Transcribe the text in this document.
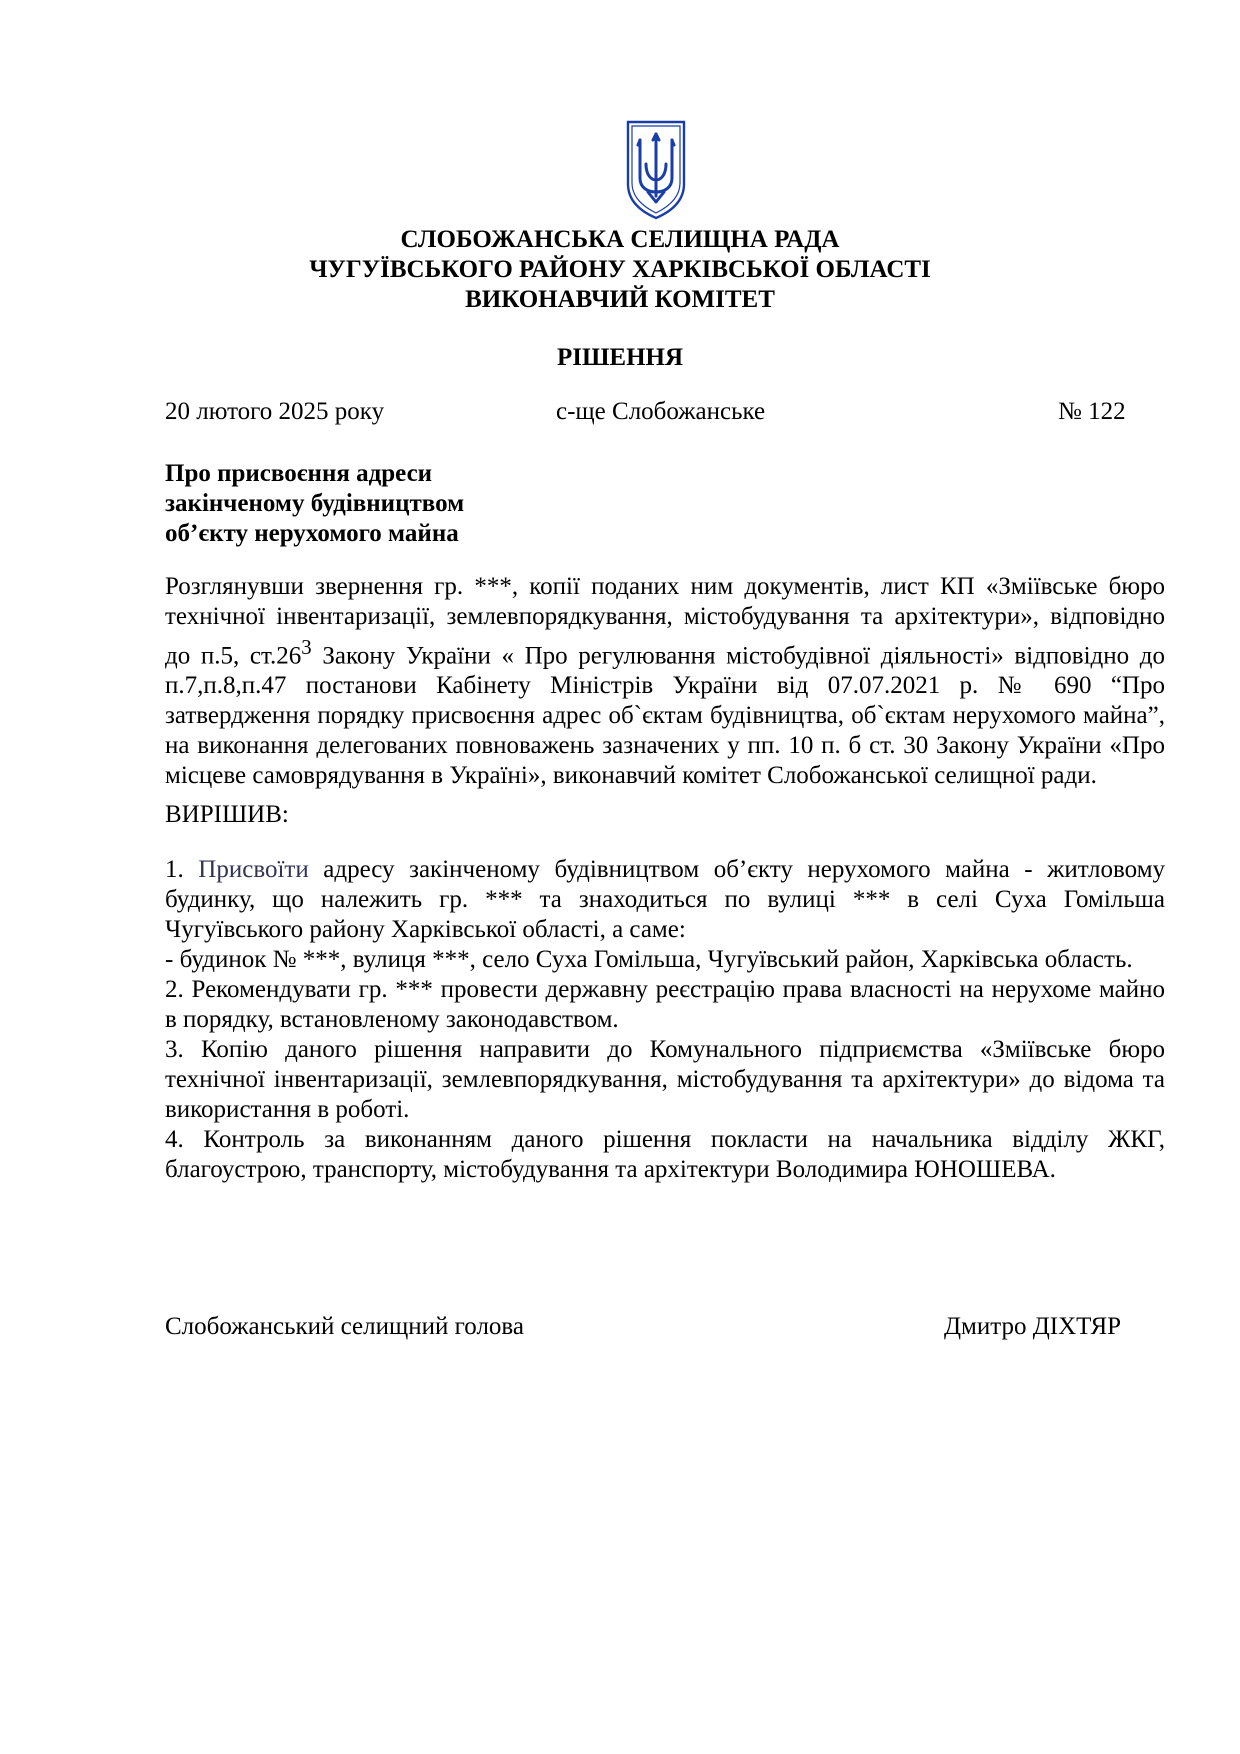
СЛОБОЖАНСЬКА СЕЛИЩНА РАДА
ЧУГУЇВСЬКОГО РАЙОНУ ХАРКІВСЬКОЇ ОБЛАСТІ
ВИКОНАВЧИЙ КОМІТЕТ
РІШЕННЯ
20 лютого 2025 року	с-ще Слобожанське	№ 122
Про присвоєння адреси
закінченому будівництвом
об’єкту нерухомого майна
Розглянувши звернення гр. ***, копії поданих ним документів, лист КП «Зміївське бюро технічної інвентаризації, землевпорядкування, містобудування та архітектури», відповідно до п.5, $ст.26^3$ Закону України « Про регулювання містобудівної діяльності» відповідно до п.7,п.8,п.47 постанови Кабінету Міністрів України від 07.07.2021 р. № 690 “Про затвердження порядку присвоєння адрес об`єктам будівництва, об`єктам нерухомого майна”, на виконання делегованих повноважень зазначених у пп. 10 п. б ст. 30 Закону України «Про місцеве самоврядування в Україні», виконавчий комітет Слобожанської селищної ради.
ВИРІШИВ:

1. Присвоїти адресу закінченому будівництвом об’єкту нерухомого майна - житловому будинку, що належить гр. *** та знаходиться по вулиці *** в селі Суха Гомільша Чугуївського району Харківської області, а саме:

- будинок № ***, вулиця ***, село Суха Гомільша, Чугуївський район, Харківська область.

2. Рекомендувати гр. *** провести державну реєстрацію права власності на нерухоме майно в порядку, встановленому законодавством.

3. Копію даного рішення направити до Комунального підприємства «Зміївське бюро технічної інвентаризації, землевпорядкування, містобудування та архітектури» до відома та використання в роботі.

4. Контроль за виконанням даного рішення покласти на начальника відділу ЖКГ, благоустрою, транспорту, містобудування та архітектури Володимира ЮНОШЕВА.

Слобожанський селищний голова	Дмитро ДІХТЯР
